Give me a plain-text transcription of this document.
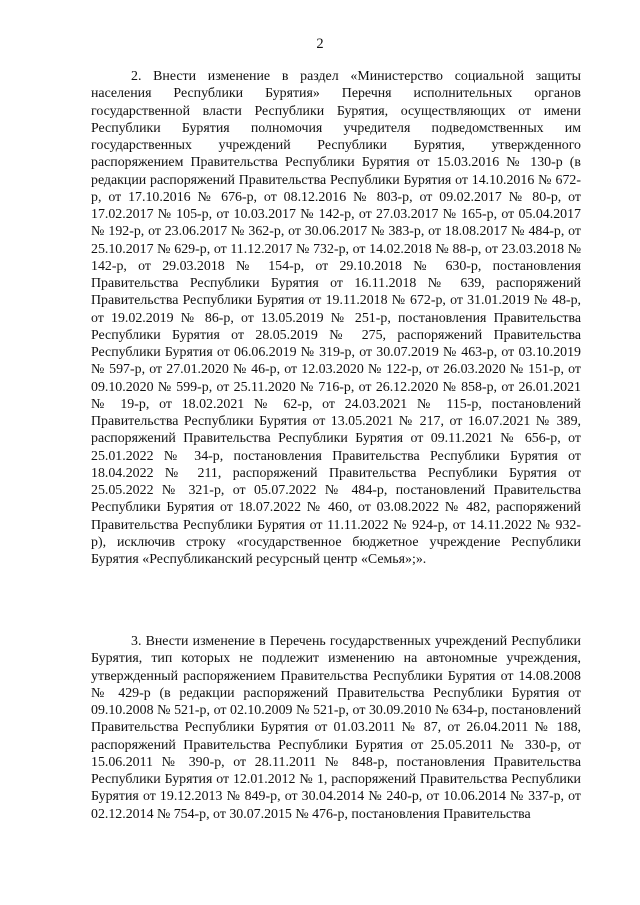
2

2. Внести изменение в раздел «Министерство социальной защиты населения Республики Бурятия» Перечня исполнительных органов государственной власти Республики Бурятия, осуществляющих от имени Республики Бурятия полномочия учредителя подведомственных им государственных учреждений Республики Бурятия, утвержденного распоряжением Правительства Республики Бурятия от 15.03.2016 № 130-р (в редакции распоряжений Правительства Республики Бурятия от 14.10.2016 № 672-р, от 17.10.2016 № 676-р, от 08.12.2016 № 803-р, от 09.02.2017 № 80-р, от 17.02.2017 № 105-р, от 10.03.2017 № 142-р, от 27.03.2017 № 165-р, от 05.04.2017 № 192-р, от 23.06.2017 № 362-р, от 30.06.2017 № 383-р, от 18.08.2017 № 484-р, от 25.10.2017 № 629-р, от 11.12.2017 № 732-р, от 14.02.2018 № 88-р, от 23.03.2018 № 142-р, от 29.03.2018 № 154-р, от 29.10.2018 № 630-р, постановления Правительства Республики Бурятия от 16.11.2018 № 639, распоряжений Правительства Республики Бурятия от 19.11.2018 № 672-р, от 31.01.2019 № 48-р, от 19.02.2019 № 86-р, от 13.05.2019 № 251-р, постановления Правительства Республики Бурятия от 28.05.2019 № 275, распоряжений Правительства Республики Бурятия от 06.06.2019 № 319-р, от 30.07.2019 № 463-р, от 03.10.2019 № 597-р, от 27.01.2020 № 46-р, от 12.03.2020 № 122-р, от 26.03.2020 № 151-р, от 09.10.2020 № 599-р, от 25.11.2020 № 716-р, от 26.12.2020 № 858-р, от 26.01.2021 № 19-р, от 18.02.2021 № 62-р, от 24.03.2021 № 115-р, постановлений Правительства Республики Бурятия от 13.05.2021 № 217, от 16.07.2021 № 389, распоряжений Правительства Республики Бурятия от 09.11.2021 № 656-р, от 25.01.2022 № 34-р, постановления Правительства Республики Бурятия от 18.04.2022 № 211, распоряжений Правительства Республики Бурятия от 25.05.2022 № 321-р, от 05.07.2022 № 484-р, постановлений Правительства Республики Бурятия от 18.07.2022 № 460, от 03.08.2022 № 482, распоряжений Правительства Республики Бурятия от 11.11.2022 № 924-р, от 14.11.2022 № 932-р), исключив строку «государственное бюджетное учреждение Республики Бурятия «Республиканский ресурсный центр «Семья»;».

3. Внести изменение в Перечень государственных учреждений Республики Бурятия, тип которых не подлежит изменению на автономные учреждения, утвержденный распоряжением Правительства Республики Бурятия от 14.08.2008 № 429-р (в редакции распоряжений Правительства Республики Бурятия от 09.10.2008 № 521-р, от 02.10.2009 № 521-р, от 30.09.2010 № 634-р, постановлений Правительства Республики Бурятия от 01.03.2011 № 87, от 26.04.2011 № 188, распоряжений Правительства Республики Бурятия от 25.05.2011 № 330-р, от 15.06.2011 № 390-р, от 28.11.2011 № 848-р, постановления Правительства Республики Бурятия от 12.01.2012 № 1, распоряжений Правительства Республики Бурятия от 19.12.2013 № 849-р, от 30.04.2014 № 240-р, от 10.06.2014 № 337-р, от 02.12.2014 № 754-р, от 30.07.2015 № 476-р, постановления Правительства
